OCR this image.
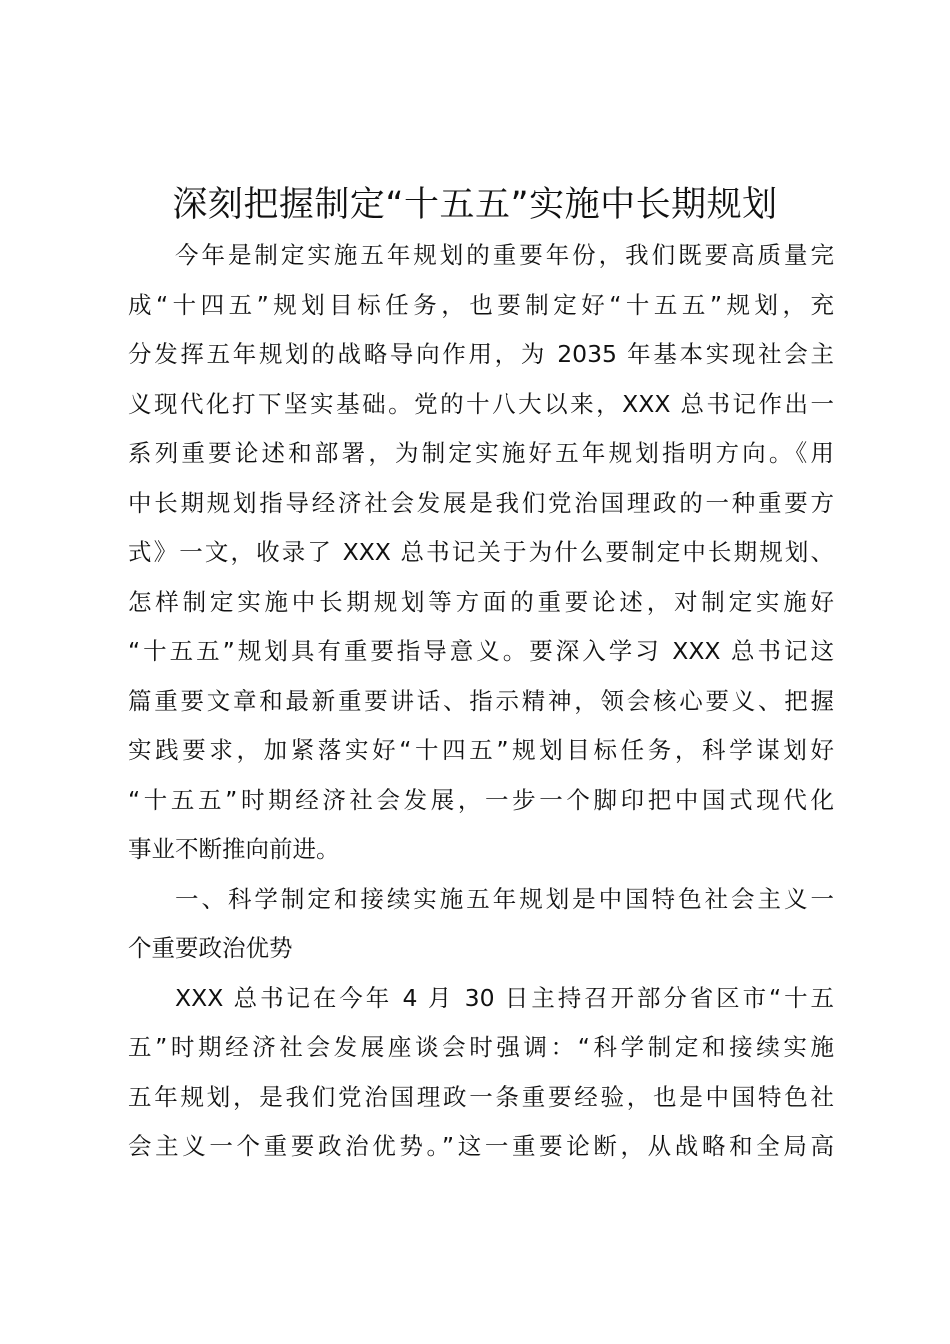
深刻把握制定“十五五”实施中长期规划
今年是制定实施五年规划的重要年份，我们既要高质量完
成“十四五”规划目标任务，也要制定好“十五五”规划，充
分发挥五年规划的战略导向作用，为 2035 年基本实现社会主
义现代化打下坚实基础。党的十八大以来，XXX 总书记作出一
系列重要论述和部署，为制定实施好五年规划指明方向。《用
中长期规划指导经济社会发展是我们党治国理政的一种重要方
式》一文，收录了 XXX 总书记关于为什么要制定中长期规划、
怎样制定实施中长期规划等方面的重要论述，对制定实施好
“十五五”规划具有重要指导意义。要深入学习 XXX 总书记这
篇重要文章和最新重要讲话、指示精神，领会核心要义、把握
实践要求，加紧落实好“十四五”规划目标任务，科学谋划好
“十五五”时期经济社会发展，一步一个脚印把中国式现代化
事业不断推向前进。
一、科学制定和接续实施五年规划是中国特色社会主义一
个重要政治优势
XXX 总书记在今年 4 月 30 日主持召开部分省区市“十五
五”时期经济社会发展座谈会时强调：“科学制定和接续实施
五年规划，是我们党治国理政一条重要经验，也是中国特色社
会主义一个重要政治优势。”这一重要论断，从战略和全局高
